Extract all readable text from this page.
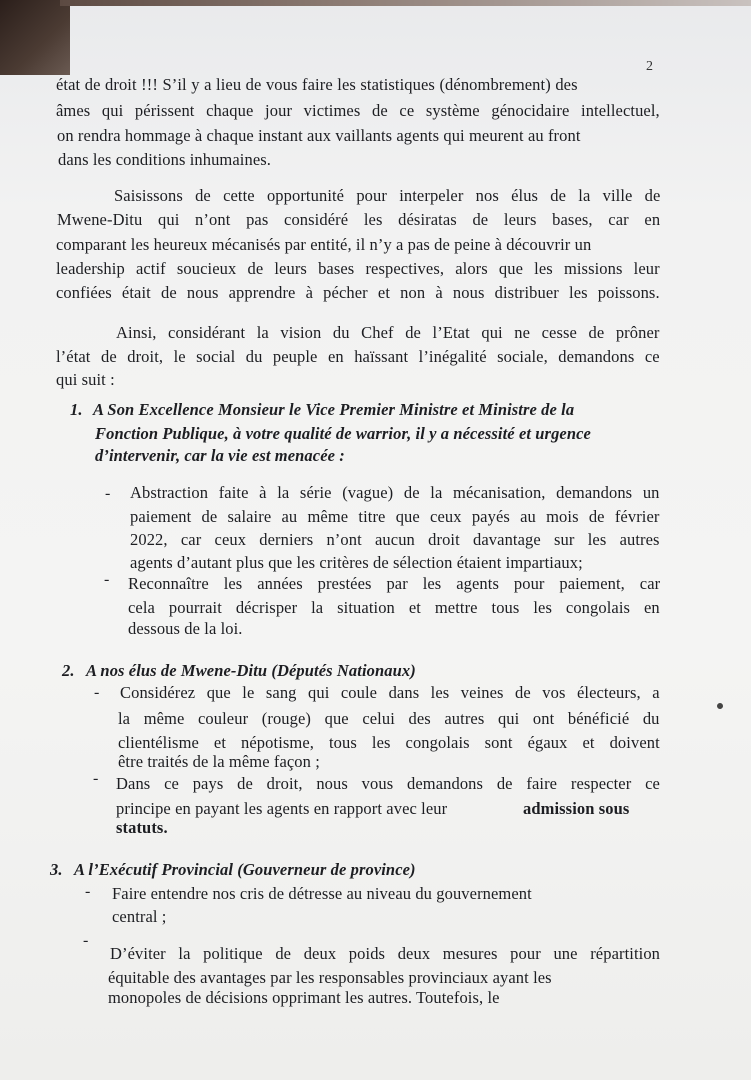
2

état de droit !!! S’il y a lieu de vous faire les statistiques (dénombrement) des

âmes qui périssent chaque jour victimes de ce système génocidaire intellectuel,

on rendra hommage à chaque instant aux vaillants agents qui meurent au front

dans les conditions inhumaines.

Saisissons de cette opportunité pour interpeler nos élus de la ville de

Mwene-Ditu qui n’ont pas considéré les désiratas de leurs bases, car en

comparant les heureux mécanisés par entité, il n’y a pas de peine à découvrir un

leadership actif soucieux de leurs bases respectives, alors que les missions leur

confiées était de nous apprendre à pécher et non à nous distribuer les poissons.

Ainsi, considérant la vision du Chef de l’Etat qui ne cesse de prôner

l’état de droit, le social du peuple en haïssant l’inégalité sociale, demandons ce

qui suit :

1. A Son Excellence Monsieur le Vice Premier Ministre et Ministre de la

Fonction Publique, à votre qualité de warrior, il y a nécessité et urgence

d’intervenir, car la vie est menacée :

- Abstraction faite à la série (vague) de la mécanisation, demandons un

paiement de salaire au même titre que ceux payés au mois de février

2022, car ceux derniers n’ont aucun droit davantage sur les autres

agents d’autant plus que les critères de sélection étaient impartiaux;

- Reconnaître les années prestées par les agents pour paiement, car

cela pourrait décrisper la situation et mettre tous les congolais en

dessous de la loi.

2. A nos élus de Mwene-Ditu (Députés Nationaux)

- Considérez que le sang qui coule dans les veines de vos électeurs, a

la même couleur (rouge) que celui des autres qui ont bénéficié du

clientélisme et népotisme, tous les congolais sont égaux et doivent

être traités de la même façon ;

- Dans ce pays de droit, nous vous demandons de faire respecter ce

principe en payant les agents en rapport avec leur	admission sous

statuts.

3. A l’Exécutif Provincial (Gouverneur de province)

- Faire entendre nos cris de détresse au niveau du gouvernement

central ;

-

D’éviter la politique de deux poids deux mesures pour une répartition

équitable des avantages par les responsables provinciaux ayant les

monopoles de décisions opprimant les autres. Toutefois, le
